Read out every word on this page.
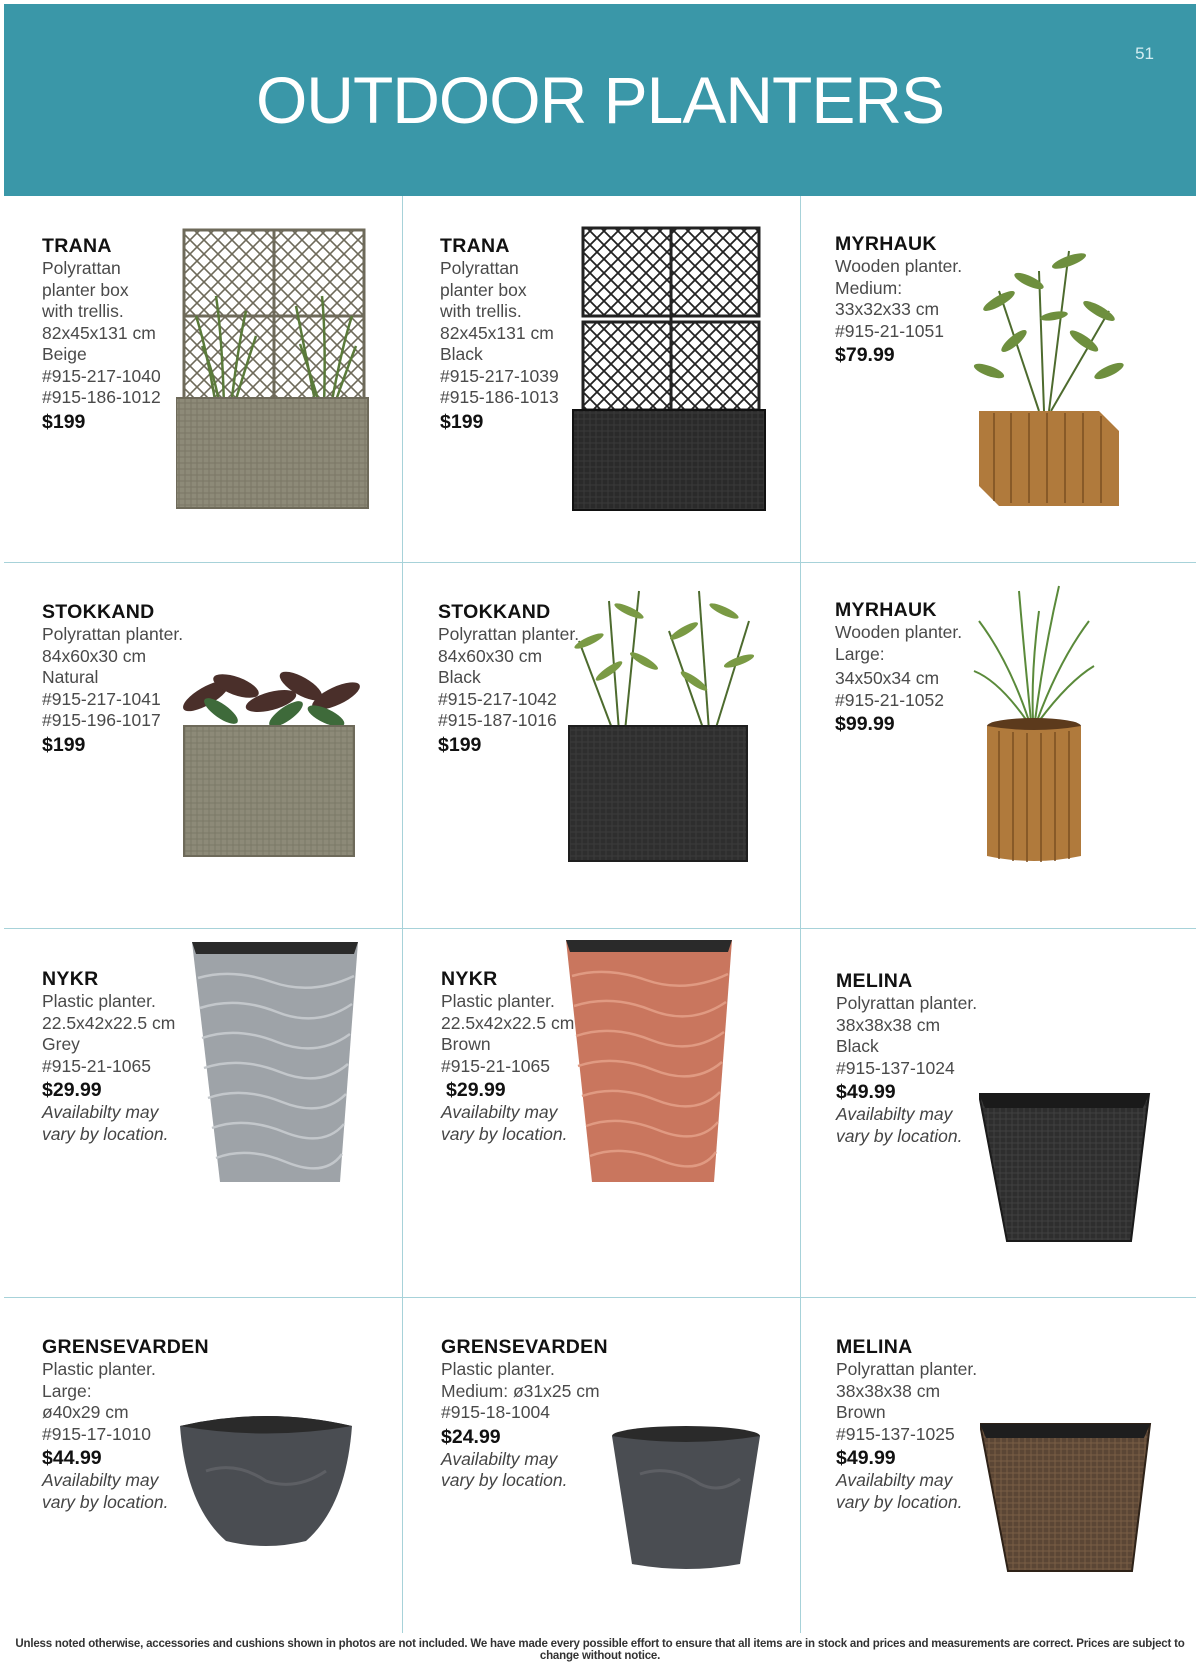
OUTDOOR PLANTERS
51
TRANA
Polyrattan
planter box
with trellis.
82x45x131 cm
Beige
#915-217-1040
#915-186-1012
$199
TRANA
Polyrattan
planter box
with trellis.
82x45x131 cm
Black
#915-217-1039
#915-186-1013
$199
MYRHAUK
Wooden planter.
Medium:
33x32x33 cm
#915-21-1051
$79.99
STOKKAND
Polyrattan planter.
84x60x30 cm
Natural
#915-217-1041
#915-196-1017
$199
STOKKAND
Polyrattan planter.
84x60x30 cm
Black
#915-217-1042
#915-187-1016
$199
MYRHAUK
Wooden planter.
Large:
34x50x34 cm
#915-21-1052
$99.99
NYKR
Plastic planter.
22.5x42x22.5 cm
Grey
#915-21-1065
$29.99
Availabilty may
vary by location.
NYKR
Plastic planter.
22.5x42x22.5 cm
Brown
#915-21-1065
$29.99
Availabilty may
vary by location.
MELINA
Polyrattan planter.
38x38x38 cm
Black
#915-137-1024
$49.99
Availabilty may
vary by location.
GRENSEVARDEN
Plastic planter.
Large:
ø40x29 cm
#915-17-1010
$44.99
Availabilty may
vary by location.
GRENSEVARDEN
Plastic planter.
Medium: ø31x25 cm
#915-18-1004
$24.99
Availabilty may
vary by location.
MELINA
Polyrattan planter.
38x38x38 cm
Brown
#915-137-1025
$49.99
Availabilty may
vary by location.
Unless noted otherwise, accessories and cushions shown in photos are not included. We have made every possible effort to ensure that all items are in stock and prices and measurements are correct. Prices are subject to change without notice.
